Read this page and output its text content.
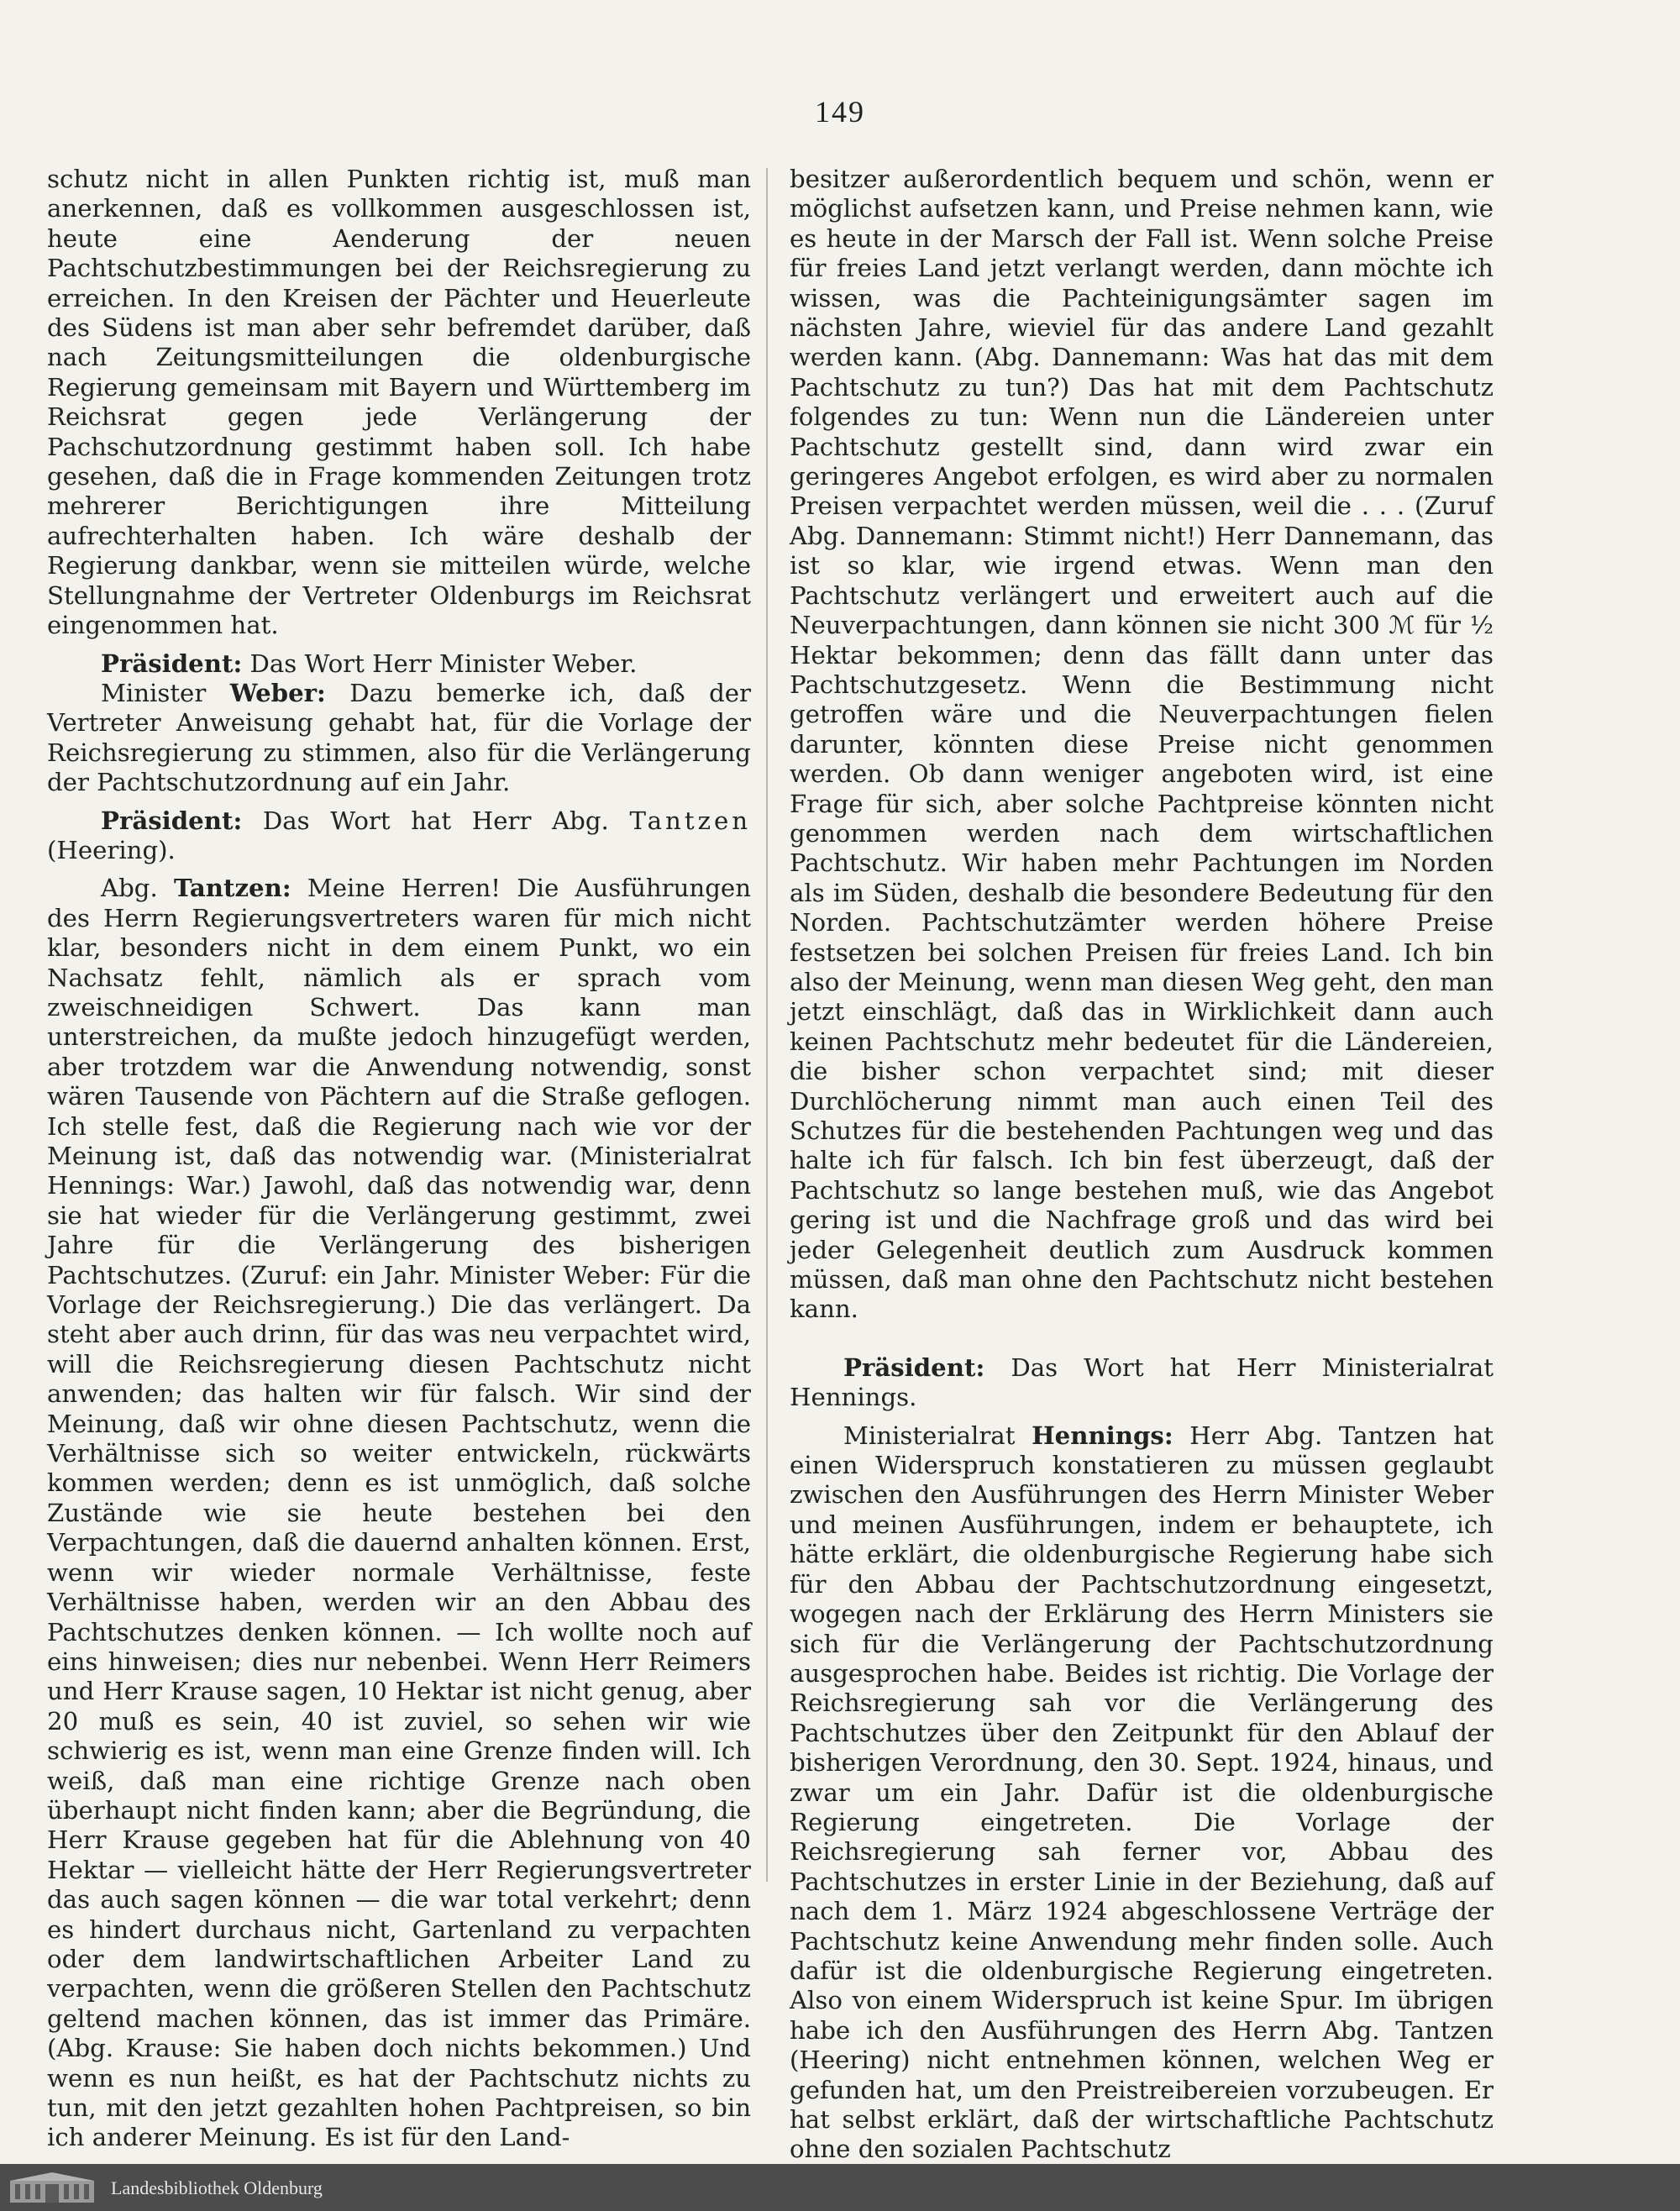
149

schutz nicht in allen Punkten richtig ist, muß man anerkennen, daß es vollkommen ausgeschlossen ist, heute eine Aenderung der neuen Pachtschutzbestimmungen bei der Reichsregierung zu erreichen. In den Kreisen der Pächter und Heuerleute des Südens ist man aber sehr befremdet darüber, daß nach Zeitungsmitteilungen die oldenburgische Regierung gemeinsam mit Bayern und Württemberg im Reichsrat gegen jede Verlängerung der Pachschutzordnung gestimmt haben soll. Ich habe gesehen, daß die in Frage kommenden Zeitungen trotz mehrerer Berichtigungen ihre Mitteilung aufrechterhalten haben. Ich wäre deshalb der Regierung dankbar, wenn sie mitteilen würde, welche Stellungnahme der Vertreter Oldenburgs im Reichsrat eingenommen hat.

Präsident: Das Wort Herr Minister Weber.

Minister Weber: Dazu bemerke ich, daß der Vertreter Anweisung gehabt hat, für die Vorlage der Reichsregierung zu stimmen, also für die Verlängerung der Pachtschutzordnung auf ein Jahr.

Präsident: Das Wort hat Herr Abg. Tantzen (Heering).

Abg. Tantzen: Meine Herren! Die Ausführungen des Herrn Regierungsvertreters waren für mich nicht klar, besonders nicht in dem einem Punkt, wo ein Nachsatz fehlt, nämlich als er sprach vom zweischneidigen Schwert. Das kann man unterstreichen, da mußte jedoch hinzugefügt werden, aber trotzdem war die Anwendung notwendig, sonst wären Tausende von Pächtern auf die Straße geflogen. Ich stelle fest, daß die Regierung nach wie vor der Meinung ist, daß das notwendig war. (Ministerialrat Hennings: War.) Jawohl, daß das notwendig war, denn sie hat wieder für die Verlängerung gestimmt, zwei Jahre für die Verlängerung des bisherigen Pachtschutzes. (Zuruf: ein Jahr. Minister Weber: Für die Vorlage der Reichsregierung.) Die das verlängert. Da steht aber auch drinn, für das was neu verpachtet wird, will die Reichsregierung diesen Pachtschutz nicht anwenden; das halten wir für falsch. Wir sind der Meinung, daß wir ohne diesen Pachtschutz, wenn die Verhältnisse sich so weiter entwickeln, rückwärts kommen werden; denn es ist unmöglich, daß solche Zustände wie sie heute bestehen bei den Verpachtungen, daß die dauernd anhalten können. Erst, wenn wir wieder normale Verhältnisse, feste Verhältnisse haben, werden wir an den Abbau des Pachtschutzes denken können. — Ich wollte noch auf eins hinweisen; dies nur nebenbei. Wenn Herr Reimers und Herr Krause sagen, 10 Hektar ist nicht genug, aber 20 muß es sein, 40 ist zuviel, so sehen wir wie schwierig es ist, wenn man eine Grenze finden will. Ich weiß, daß man eine richtige Grenze nach oben überhaupt nicht finden kann; aber die Begründung, die Herr Krause gegeben hat für die Ablehnung von 40 Hektar — vielleicht hätte der Herr Regierungsvertreter das auch sagen können — die war total verkehrt; denn es hindert durchaus nicht, Gartenland zu verpachten oder dem landwirtschaftlichen Arbeiter Land zu verpachten, wenn die größeren Stellen den Pachtschutz geltend machen können, das ist immer das Primäre. (Abg. Krause: Sie haben doch nichts bekommen.) Und wenn es nun heißt, es hat der Pachtschutz nichts zu tun, mit den jetzt gezahlten hohen Pachtpreisen, so bin ich anderer Meinung. Es ist für den Land-

besitzer außerordentlich bequem und schön, wenn er möglichst aufsetzen kann, und Preise nehmen kann, wie es heute in der Marsch der Fall ist. Wenn solche Preise für freies Land jetzt verlangt werden, dann möchte ich wissen, was die Pachteinigungsämter sagen im nächsten Jahre, wieviel für das andere Land gezahlt werden kann. (Abg. Dannemann: Was hat das mit dem Pachtschutz zu tun?) Das hat mit dem Pachtschutz folgendes zu tun: Wenn nun die Ländereien unter Pachtschutz gestellt sind, dann wird zwar ein geringeres Angebot erfolgen, es wird aber zu normalen Preisen verpachtet werden müssen, weil die . . . (Zuruf Abg. Dannemann: Stimmt nicht!) Herr Dannemann, das ist so klar, wie irgend etwas. Wenn man den Pachtschutz verlängert und erweitert auch auf die Neuverpachtungen, dann können sie nicht 300 ℳ für ½ Hektar bekommen; denn das fällt dann unter das Pachtschutzgesetz. Wenn die Bestimmung nicht getroffen wäre und die Neuverpachtungen fielen darunter, könnten diese Preise nicht genommen werden. Ob dann weniger angeboten wird, ist eine Frage für sich, aber solche Pachtpreise könnten nicht genommen werden nach dem wirtschaftlichen Pachtschutz. Wir haben mehr Pachtungen im Norden als im Süden, deshalb die besondere Bedeutung für den Norden. Pachtschutzämter werden höhere Preise festsetzen bei solchen Preisen für freies Land. Ich bin also der Meinung, wenn man diesen Weg geht, den man jetzt einschlägt, daß das in Wirklichkeit dann auch keinen Pachtschutz mehr bedeutet für die Ländereien, die bisher schon verpachtet sind; mit dieser Durchlöcherung nimmt man auch einen Teil des Schutzes für die bestehenden Pachtungen weg und das halte ich für falsch. Ich bin fest überzeugt, daß der Pachtschutz so lange bestehen muß, wie das Angebot gering ist und die Nachfrage groß und das wird bei jeder Gelegenheit deutlich zum Ausdruck kommen müssen, daß man ohne den Pachtschutz nicht bestehen kann.

Präsident: Das Wort hat Herr Ministerialrat Hennings.

Ministerialrat Hennings: Herr Abg. Tantzen hat einen Widerspruch konstatieren zu müssen geglaubt zwischen den Ausführungen des Herrn Minister Weber und meinen Ausführungen, indem er behauptete, ich hätte erklärt, die oldenburgische Regierung habe sich für den Abbau der Pachtschutzordnung eingesetzt, wogegen nach der Erklärung des Herrn Ministers sie sich für die Verlängerung der Pachtschutzordnung ausgesprochen habe. Beides ist richtig. Die Vorlage der Reichsregierung sah vor die Verlängerung des Pachtschutzes über den Zeitpunkt für den Ablauf der bisherigen Verordnung, den 30. Sept. 1924, hinaus, und zwar um ein Jahr. Dafür ist die oldenburgische Regierung eingetreten. Die Vorlage der Reichsregierung sah ferner vor, Abbau des Pachtschutzes in erster Linie in der Beziehung, daß auf nach dem 1. März 1924 abgeschlossene Verträge der Pachtschutz keine Anwendung mehr finden solle. Auch dafür ist die oldenburgische Regierung eingetreten. Also von einem Widerspruch ist keine Spur. Im übrigen habe ich den Ausführungen des Herrn Abg. Tantzen (Heering) nicht entnehmen können, welchen Weg er gefunden hat, um den Preistreibereien vorzubeugen. Er hat selbst erklärt, daß der wirtschaftliche Pachtschutz ohne den sozialen Pachtschutz

Landesbibliothek Oldenburg
